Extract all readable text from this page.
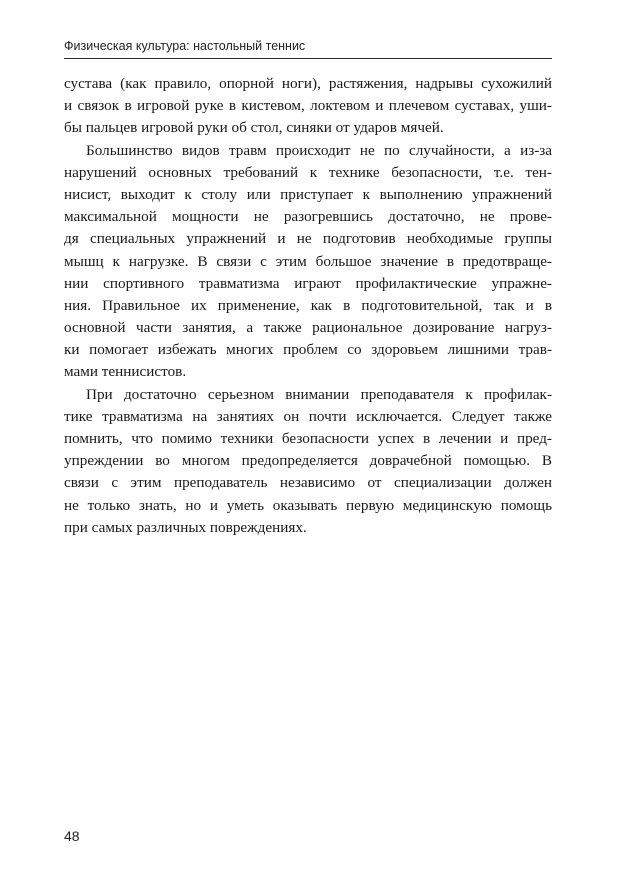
Физическая культура: настольный теннис
сустава (как правило, опорной ноги), растяжения, надрывы сухожилий
и связок в игровой руке в кистевом, локтевом и плечевом суставах, уши-
бы пальцев игровой руки об стол, синяки от ударов мячей.
Большинство видов травм происходит не по случайности, а из-за
нарушений основных требований к технике безопасности, т.е. тен-
нисист, выходит к столу или приступает к выполнению упражнений
максимальной мощности не разогревшись достаточно, не прове-
дя специальных упражнений и не подготовив необходимые группы
мышц к нагрузке. В связи с этим большое значение в предотвраще-
нии спортивного травматизма играют профилактические упражне-
ния. Правильное их применение, как в подготовительной, так и в
основной части занятия, а также рациональное дозирование нагруз-
ки помогает избежать многих проблем со здоровьем лишними трав-
мами теннисистов.
При достаточно серьезном внимании преподавателя к профилак-
тике травматизма на занятиях он почти исключается. Следует также
помнить, что помимо техники безопасности успех в лечении и пред-
упреждении во многом предопределяется доврачебной помощью. В
связи с этим преподаватель независимо от специализации должен
не только знать, но и уметь оказывать первую медицинскую помощь
при самых различных повреждениях.
48
